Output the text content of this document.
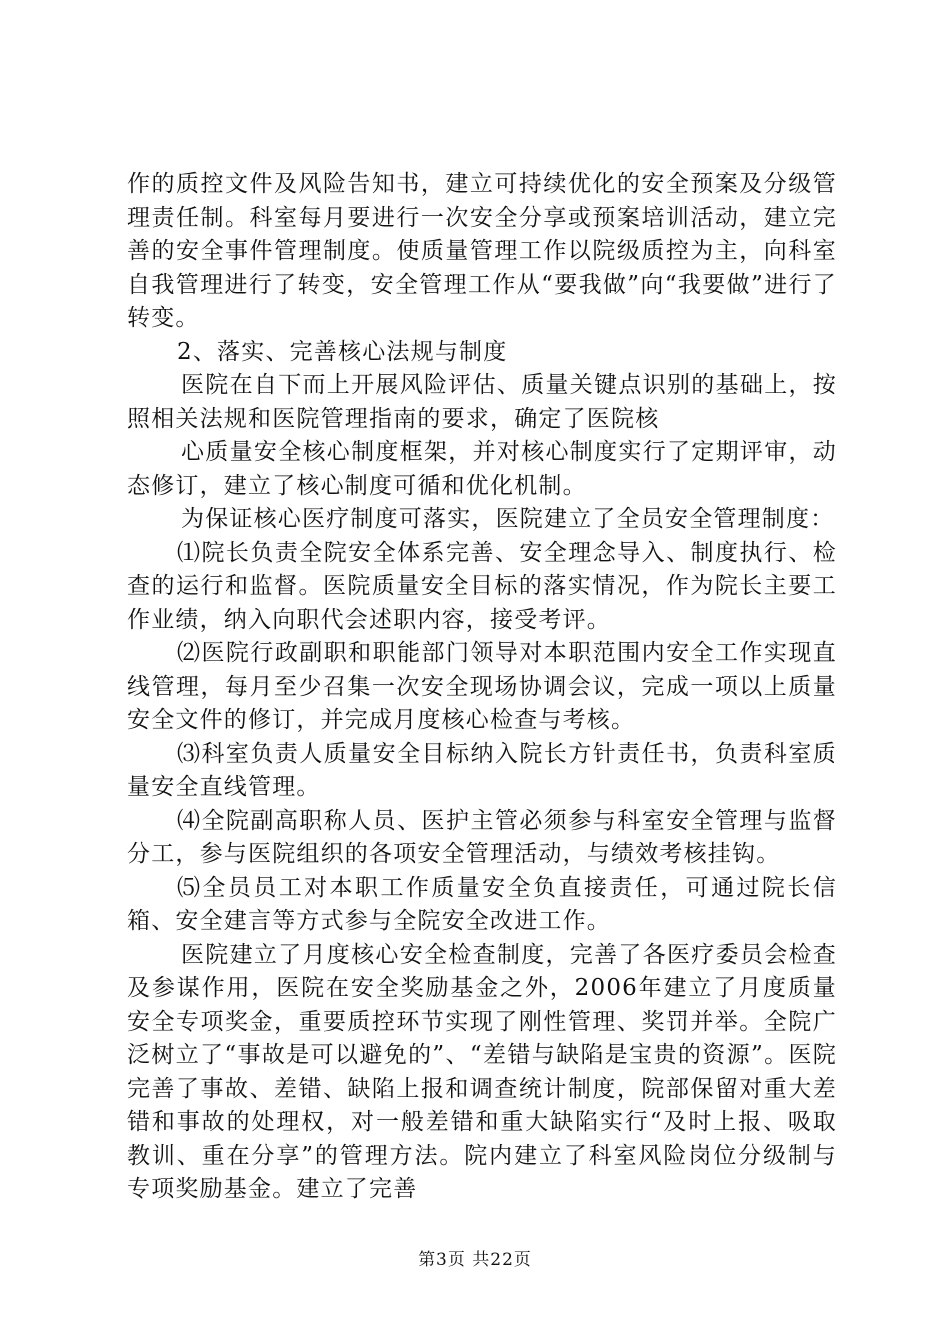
作的质控文件及风险告知书，建立可持续优化的安全预案及分级管理责任制。科室每月要进行一次安全分享或预案培训活动，建立完善的安全事件管理制度。使质量管理工作以院级质控为主，向科室自我管理进行了转变，安全管理工作从“要我做”向“我要做”进行了转变。

2、落实、完善核心法规与制度

医院在自下而上开展风险评估、质量关键点识别的基础上，按照相关法规和医院管理指南的要求，确定了医院核

心质量安全核心制度框架，并对核心制度实行了定期评审，动态修订，建立了核心制度可循和优化机制。

为保证核心医疗制度可落实，医院建立了全员安全管理制度：

⑴院长负责全院安全体系完善、安全理念导入、制度执行、检查的运行和监督。医院质量安全目标的落实情况，作为院长主要工作业绩，纳入向职代会述职内容，接受考评。

⑵医院行政副职和职能部门领导对本职范围内安全工作实现直线管理，每月至少召集一次安全现场协调会议，完成一项以上质量安全文件的修订，并完成月度核心检查与考核。

⑶科室负责人质量安全目标纳入院长方针责任书，负责科室质量安全直线管理。

⑷全院副高职称人员、医护主管必须参与科室安全管理与监督分工，参与医院组织的各项安全管理活动，与绩效考核挂钩。

⑸全员员工对本职工作质量安全负直接责任，可通过院长信箱、安全建言等方式参与全院安全改进工作。

医院建立了月度核心安全检查制度，完善了各医疗委员会检查及参谋作用，医院在安全奖励基金之外，2006年建立了月度质量安全专项奖金，重要质控环节实现了刚性管理、奖罚并举。全院广泛树立了“事故是可以避免的”、“差错与缺陷是宝贵的资源”。医院完善了事故、差错、缺陷上报和调查统计制度，院部保留对重大差错和事故的处理权，对一般差错和重大缺陷实行“及时上报、吸取教训、重在分享”的管理方法。院内建立了科室风险岗位分级制与专项奖励基金。建立了完善

第3页 共22页
